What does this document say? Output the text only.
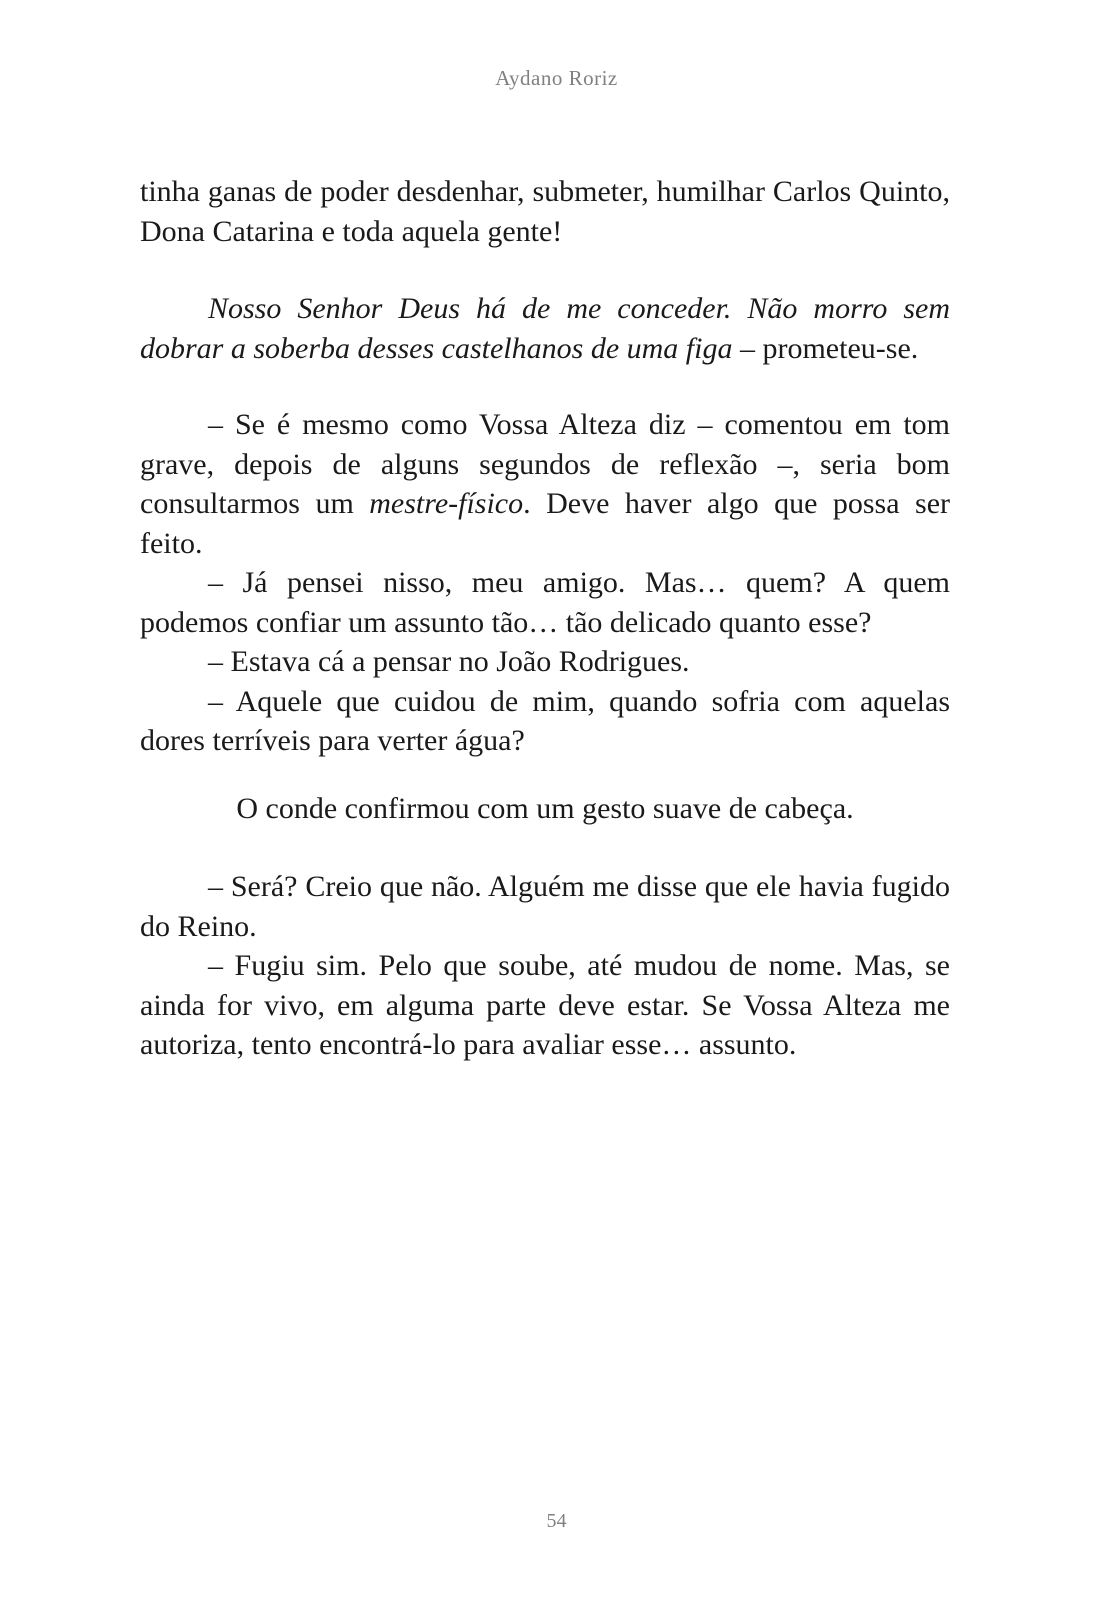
Aydano Roriz

tinha ganas de poder desdenhar, submeter, humilhar Carlos Quinto, Dona Catarina e toda aquela gente!

Nosso Senhor Deus há de me conceder. Não morro sem dobrar a soberba desses castelhanos de uma figa – prometeu-se.

– Se é mesmo como Vossa Alteza diz – comentou em tom grave, depois de alguns segundos de reflexão –, seria bom consultarmos um mestre-físico. Deve haver algo que possa ser feito.

– Já pensei nisso, meu amigo. Mas… quem? A quem podemos confiar um assunto tão… tão delicado quanto esse?

– Estava cá a pensar no João Rodrigues.

– Aquele que cuidou de mim, quando sofria com aquelas dores terríveis para verter água?

O conde confirmou com um gesto suave de cabeça.

– Será? Creio que não. Alguém me disse que ele havia fugido do Reino.

– Fugiu sim. Pelo que soube, até mudou de nome. Mas, se ainda for vivo, em alguma parte deve estar. Se Vossa Alteza me autoriza, tento encontrá-lo para avaliar esse… assunto.

54
